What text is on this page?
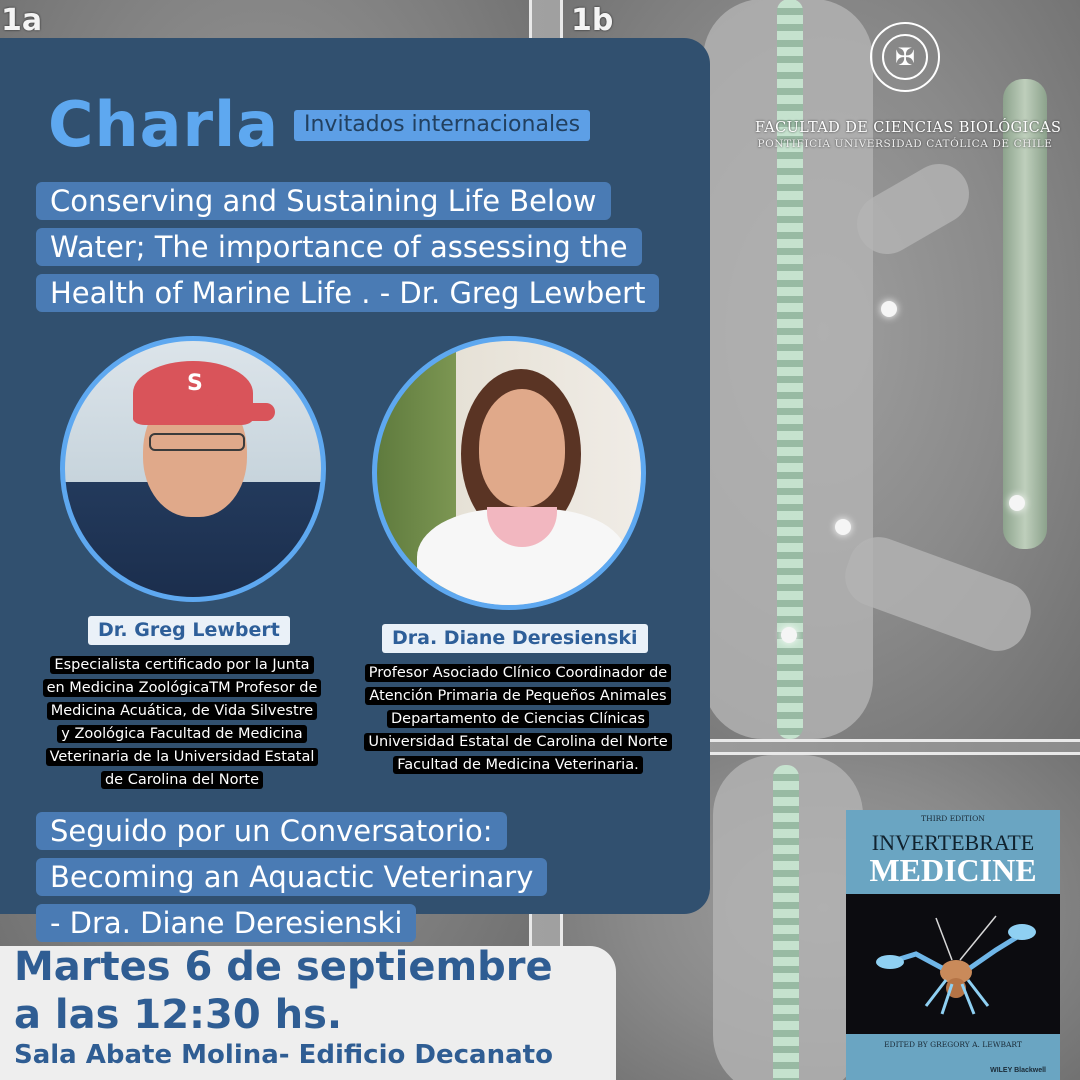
1a	1b
✠
FACULTAD DE CIENCIAS BIOLÓGICAS
PONTIFICIA UNIVERSIDAD CATÓLICA DE CHILE
Charla	Invitados internacionales
Conserving and Sustaining Life Below
Water; The importance of assessing the
Health of Marine Life . - Dr. Greg Lewbert
S
Dr. Greg Lewbert	Dra. Diane Deresienski
Especialista certificado por la Junta
en Medicina ZoológicaTM Profesor de
Medicina Acuática, de Vida Silvestre
y Zoológica Facultad de Medicina
Veterinaria de la Universidad Estatal
de Carolina del Norte
Profesor Asociado Clínico Coordinador de
Atención Primaria de Pequeños Animales
Departamento de Ciencias Clínicas
Universidad Estatal de Carolina del Norte
Facultad de Medicina Veterinaria.
Seguido por un Conversatorio:
Becoming an Aquactic Veterinary
- Dra. Diane Deresienski
Martes 6 de septiembre
a las 12:30 hs.
Sala Abate Molina- Edificio Decanato
THIRD EDITION
INVERTEBRATE
MEDICINE
EDITED BY GREGORY A. LEWBART
WILEY Blackwell
